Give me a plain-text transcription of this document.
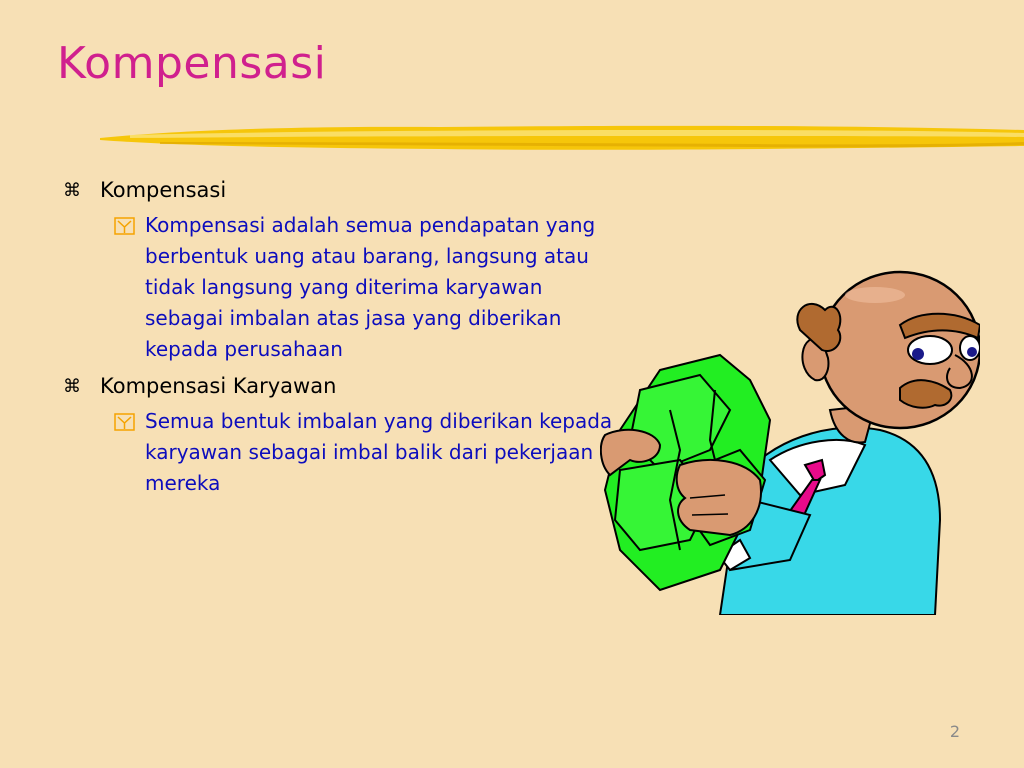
Kompensasi
⌘ Kompensasi
Kompensasi adalah semua pendapatan yang berbentuk uang atau barang, langsung atau tidak langsung yang diterima karyawan sebagai imbalan atas jasa yang diberikan kepada perusahaan
⌘ Kompensasi Karyawan
Semua bentuk imbalan yang diberikan kepada karyawan sebagai imbal balik dari pekerjaan mereka
2
